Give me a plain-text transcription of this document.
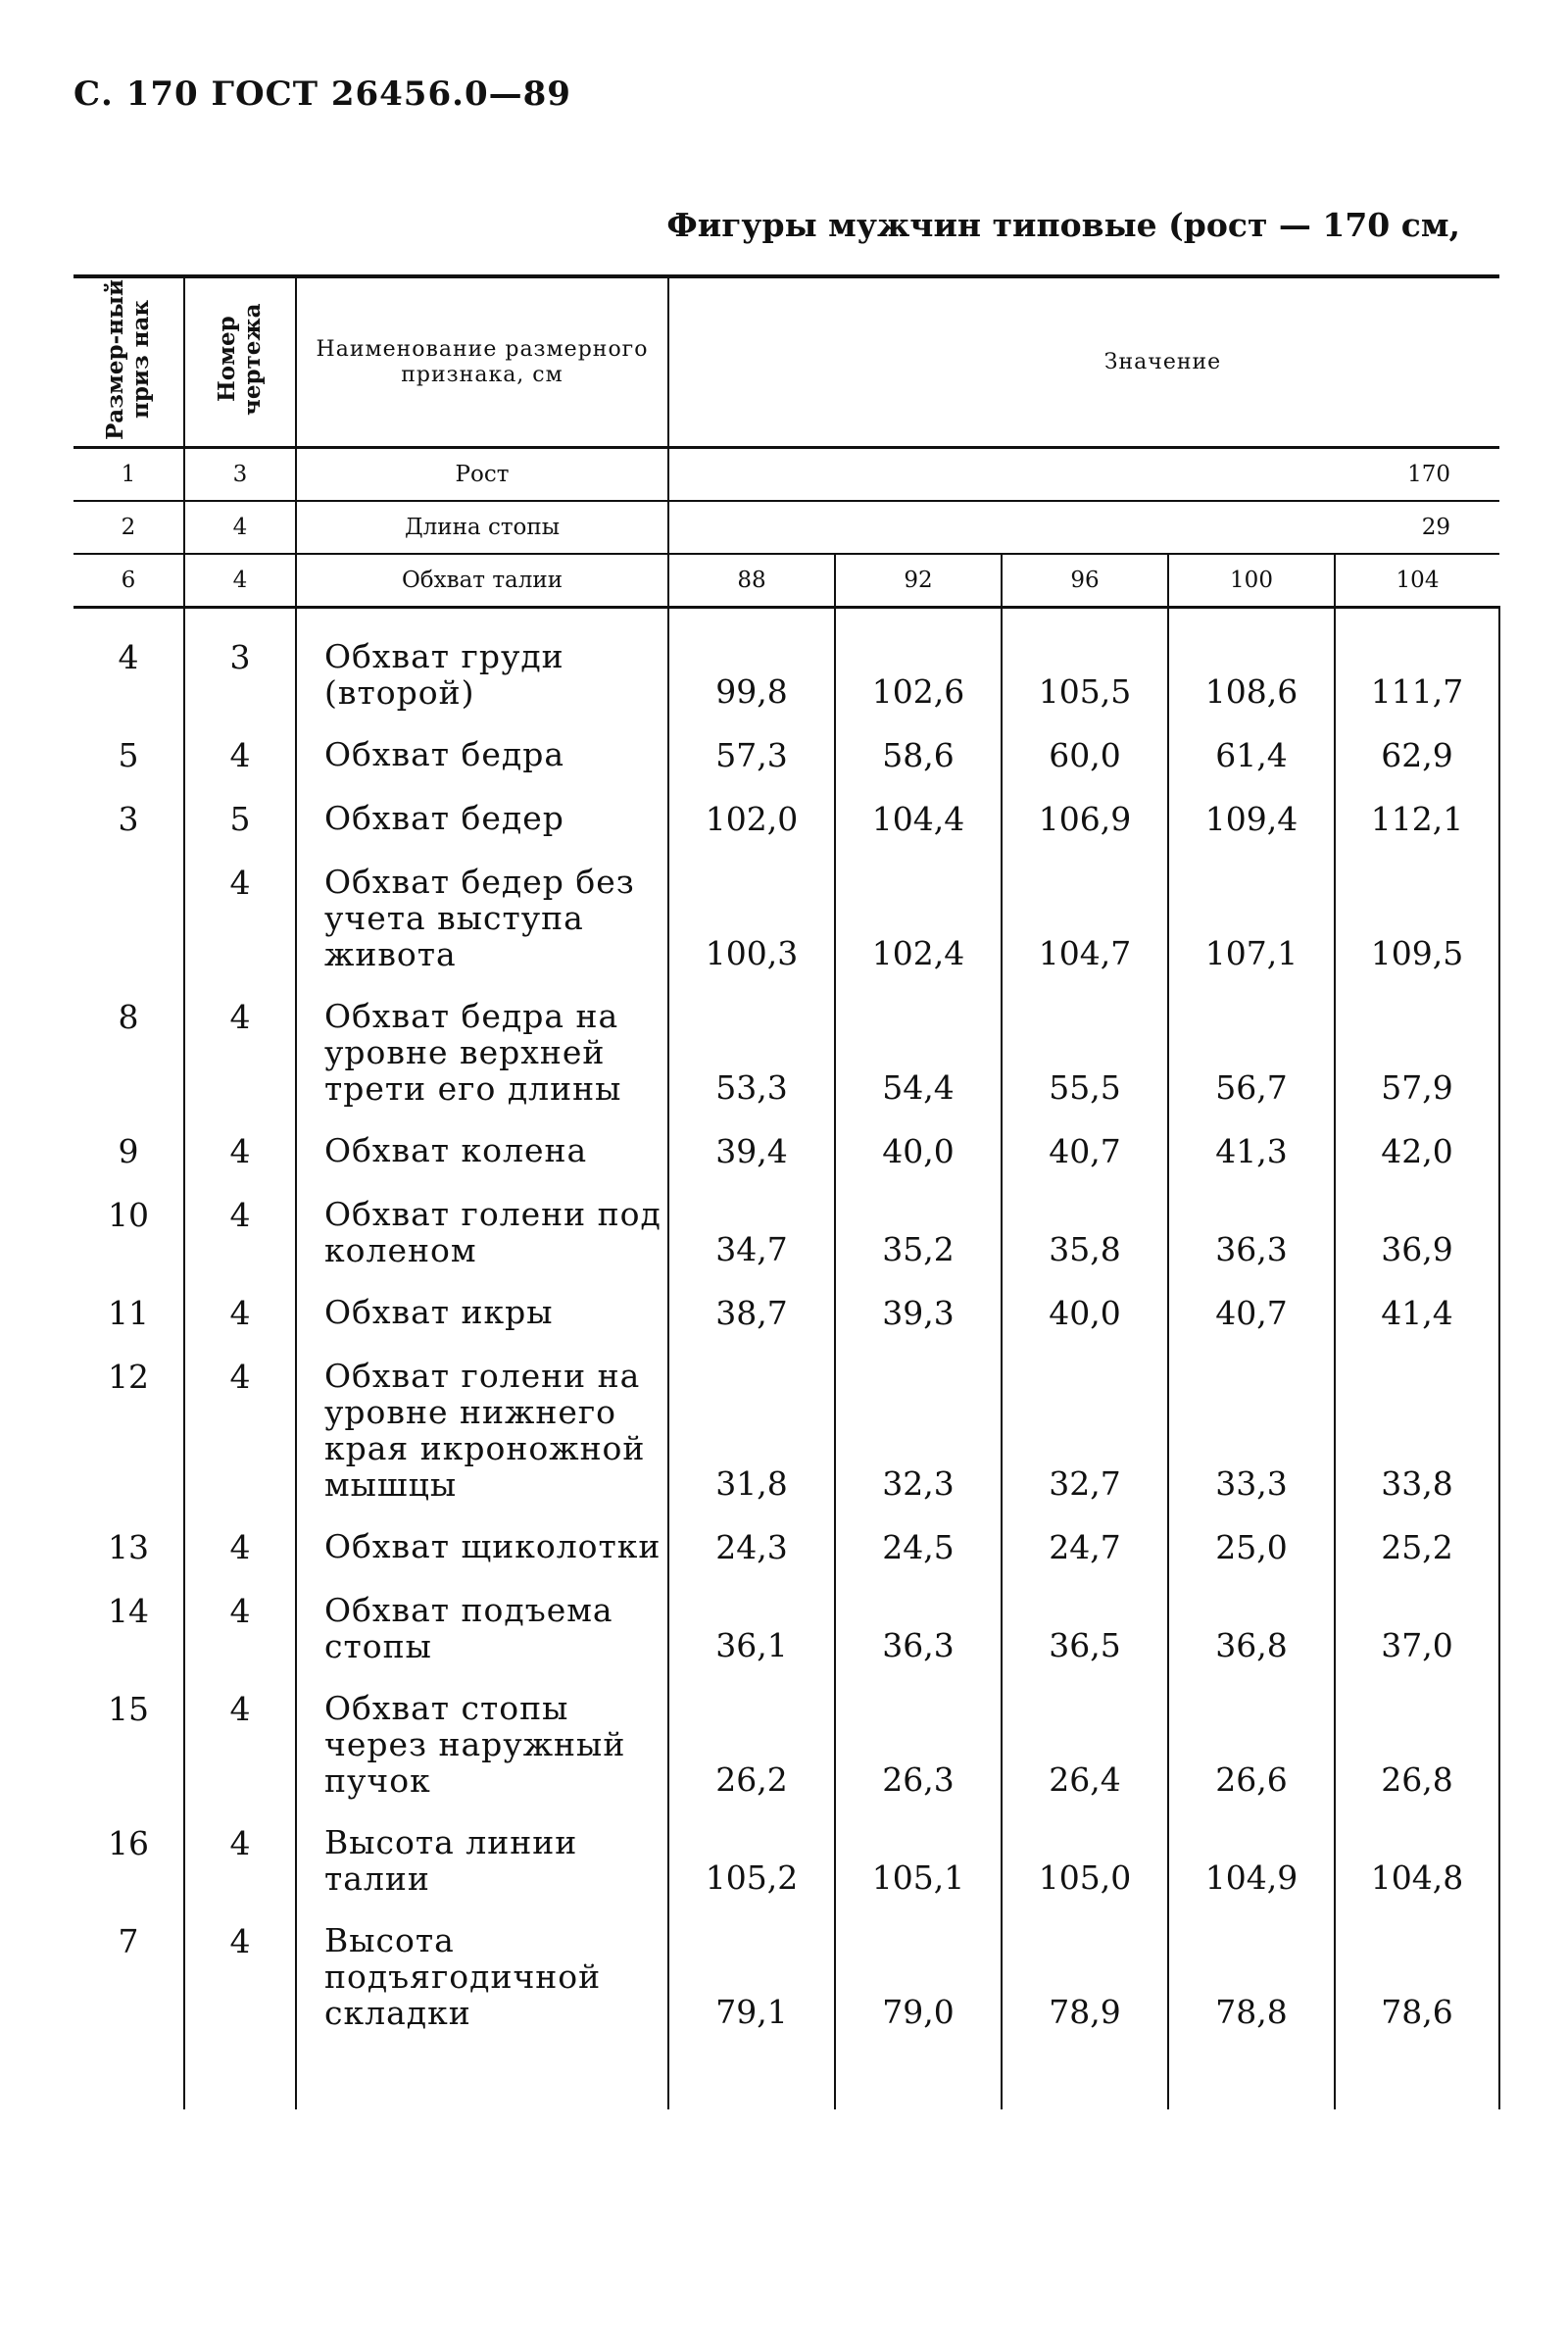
С. 170 ГОСТ 26456.0—89
Фигуры мужчин типовые (рост — 170 см,
Размер-ный приз нак	Номер чертежа	Наименование размерного признака, см	Значение				
1	3	Рост	170				
2	4	Длина стопы	29				
6	4	Обхват талии	88	92	96	100	104

4	3	Обхват груди (второй)	99,8	102,6	105,5	108,6	111,7
5	4	Обхват бедра	57,3	58,6	60,0	61,4	62,9
3	5	Обхват бедер	102,0	104,4	106,9	109,4	112,1
	4	Обхват бедер без учета выступа живота	100,3	102,4	104,7	107,1	109,5
8	4	Обхват бедра на уровне верхней трети его длины	53,3	54,4	55,5	56,7	57,9
9	4	Обхват колена	39,4	40,0	40,7	41,3	42,0
10	4	Обхват голени под коленом	34,7	35,2	35,8	36,3	36,9
11	4	Обхват икры	38,7	39,3	40,0	40,7	41,4
12	4	Обхват голени на уровне нижнего края икроножной мышцы	31,8	32,3	32,7	33,3	33,8
13	4	Обхват щиколотки	24,3	24,5	24,7	25,0	25,2
14	4	Обхват подъема стопы	36,1	36,3	36,5	36,8	37,0
15	4	Обхват стопы через наружный пучок	26,2	26,3	26,4	26,6	26,8
16	4	Высота линии талии	105,2	105,1	105,0	104,9	104,8
7	4	Высота подъягодичной складки	79,1	79,0	78,9	78,8	78,6
